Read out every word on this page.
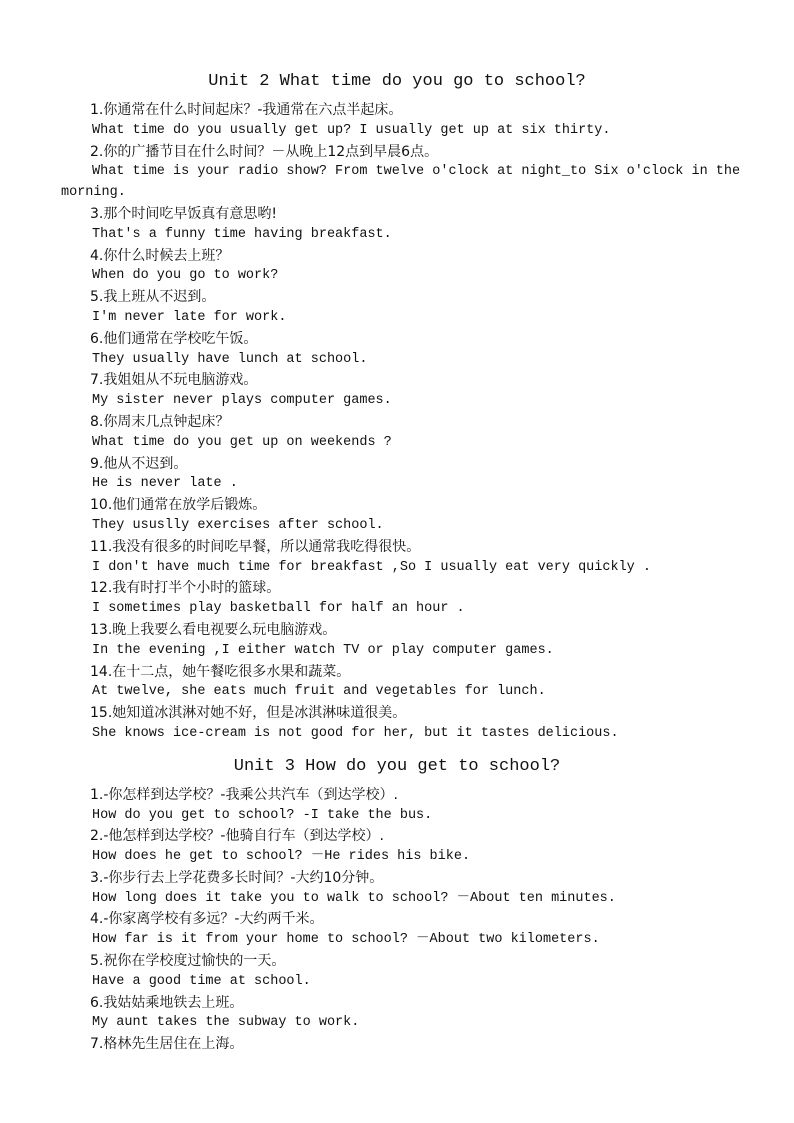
Unit 2 What time do you go to school?
1.你通常在什么时间起床？-我通常在六点半起床。
What time do you usually get up? I usually get up at six thirty.
2.你的广播节目在什么时间？－从晚上12点到早晨6点。
What time is your radio show? From twelve o'clock at night_to Six o'clock in the
morning.
3.那个时间吃早饭真有意思哟!
That's a funny time having breakfast.
4.你什么时候去上班？
When do you go to work?
5.我上班从不迟到。
I'm never late for work.
6.他们通常在学校吃午饭。
They usually have lunch at school.
7.我姐姐从不玩电脑游戏。
My sister never plays computer games.
8.你周末几点钟起床？
What time do you get up on weekends ?
9.他从不迟到。
He is never late .
10.他们通常在放学后锻炼。
They ususlly exercises after school.
11.我没有很多的时间吃早餐，所以通常我吃得很快。
I don't have much time for breakfast ,So I usually eat very quickly .
12.我有时打半个小时的篮球。
I sometimes play basketball for half an hour .
13.晚上我要么看电视要么玩电脑游戏。
In the evening ,I either watch TV or play computer games.
14.在十二点，她午餐吃很多水果和蔬菜。
At twelve, she eats much fruit and vegetables for lunch.
15.她知道冰淇淋对她不好，但是冰淇淋味道很美。
She knows ice-cream is not good for her, but it tastes delicious.
Unit 3 How do you get to school?
1.-你怎样到达学校？-我乘公共汽车（到达学校）.
How do you get to school? -I take the bus.
2.-他怎样到达学校？-他骑自行车（到达学校）.
How does he get to school? －He rides his bike.
3.-你步行去上学花费多长时间？-大约10分钟。
How long does it take you to walk to school? －About ten minutes.
4.-你家离学校有多远？-大约两千米。
How far is it from your home to school? －About two kilometers.
5.祝你在学校度过愉快的一天。
Have a good time at school.
6.我姑姑乘地铁去上班。
My aunt takes the subway to work.
7.格林先生居住在上海。
